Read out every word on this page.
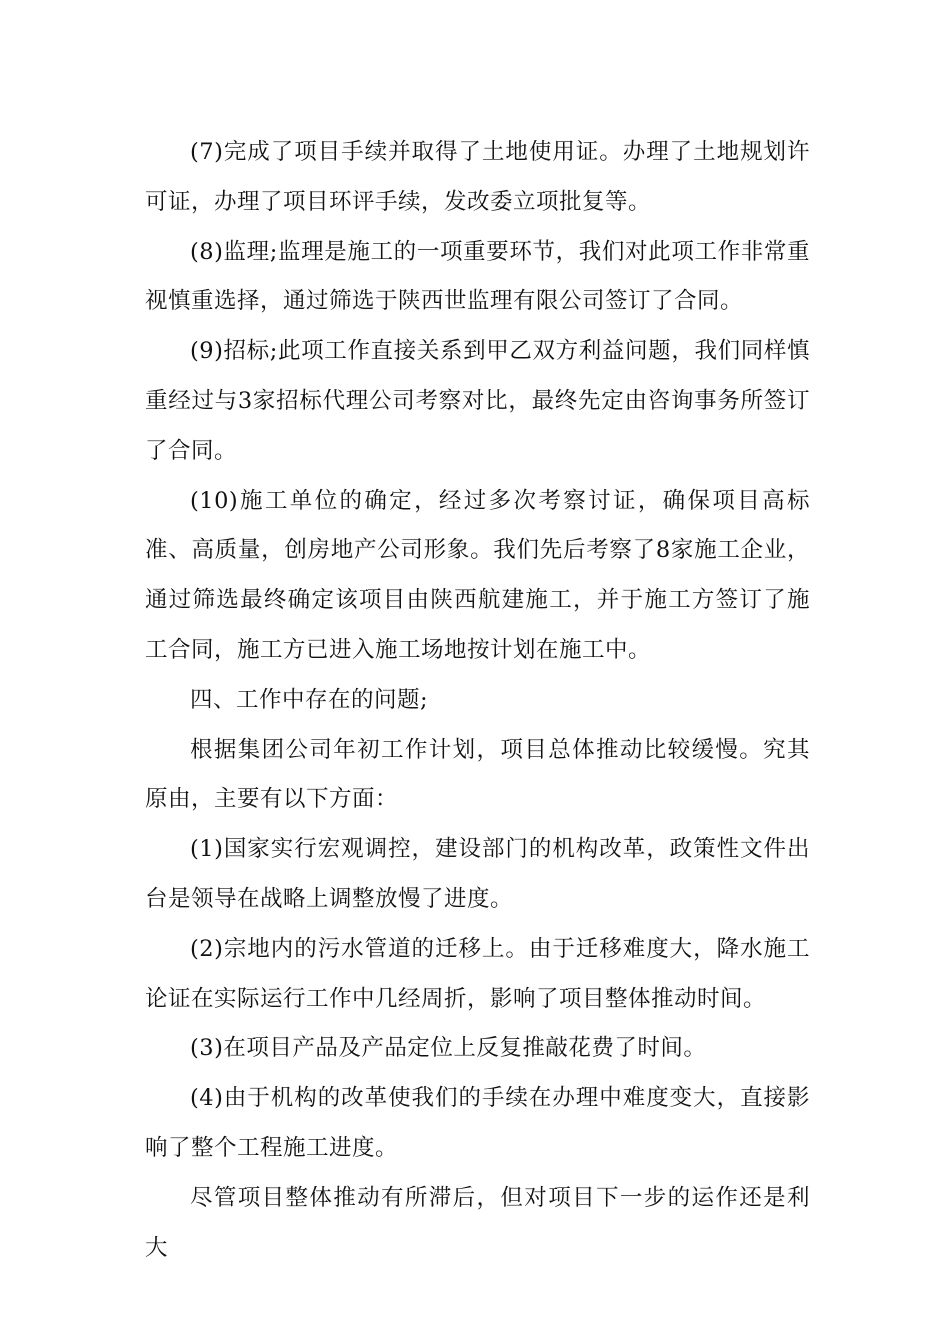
(7)完成了项目手续并取得了土地使用证。办理了土地规划许可证，办理了项目环评手续，发改委立项批复等。

(8)监理;监理是施工的一项重要环节，我们对此项工作非常重视慎重选择，通过筛选于陕西世监理有限公司签订了合同。

(9)招标;此项工作直接关系到甲乙双方利益问题，我们同样慎重经过与3家招标代理公司考察对比，最终先定由咨询事务所签订了合同。

(10)施工单位的确定，经过多次考察讨证，确保项目高标准、高质量，创房地产公司形象。我们先后考察了8家施工企业，通过筛选最终确定该项目由陕西航建施工，并于施工方签订了施工合同，施工方已进入施工场地按计划在施工中。

四、工作中存在的问题;

根据集团公司年初工作计划，项目总体推动比较缓慢。究其原由，主要有以下方面：

(1)国家实行宏观调控，建设部门的机构改革，政策性文件出台是领导在战略上调整放慢了进度。

(2)宗地内的污水管道的迁移上。由于迁移难度大，降水施工论证在实际运行工作中几经周折，影响了项目整体推动时间。

(3)在项目产品及产品定位上反复推敲花费了时间。

(4)由于机构的改革使我们的手续在办理中难度变大，直接影响了整个工程施工进度。

尽管项目整体推动有所滞后，但对项目下一步的运作还是利大
